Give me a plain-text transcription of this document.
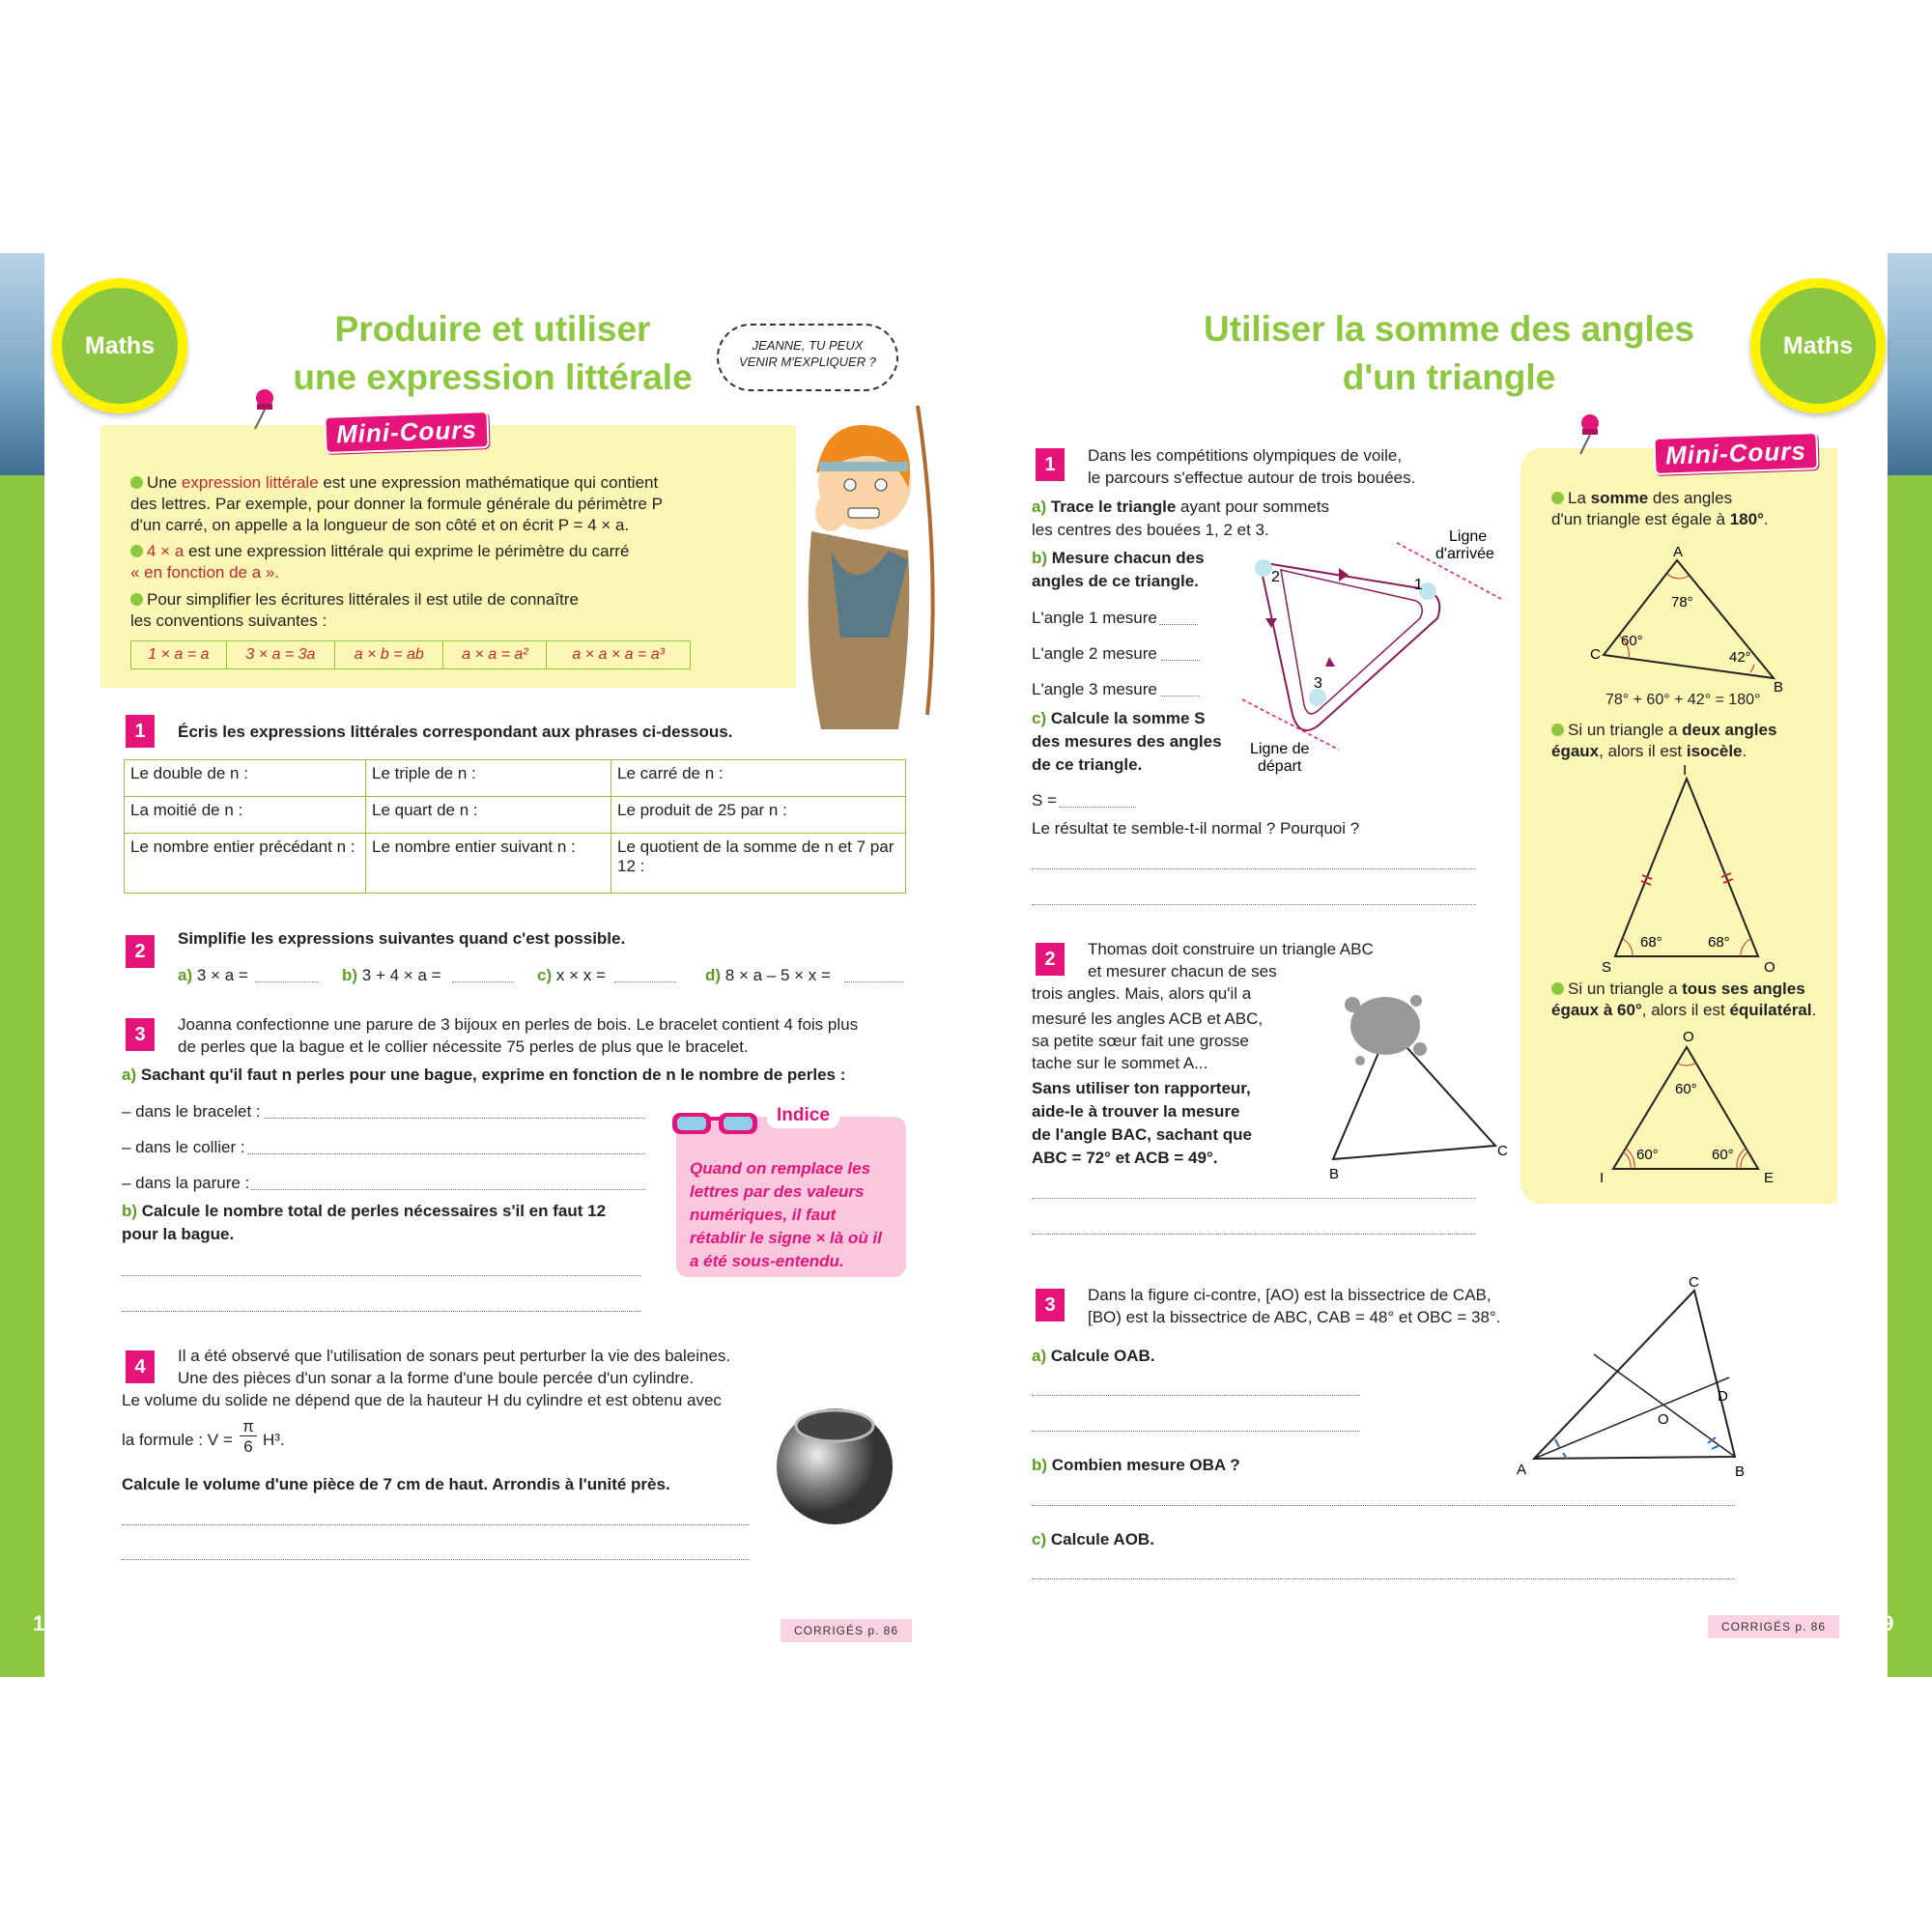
18	19
Maths	Produire et utiliser
une expression littérale
Mini-Cours
JEANNE, TU PEUX VENIR M'EXPLIQUER ?
Une expression littérale est une expression mathématique qui contient
des lettres. Par exemple, pour donner la formule générale du périmètre P
d'un carré, on appelle a la longueur de son côté et on écrit P = 4 × a.
4 × a est une expression littérale qui exprime le périmètre du carré
« en fonction de a ».
Pour simplifier les écritures littérales il est utile de connaître
les conventions suivantes :
1 × a = a	3 × a = 3a	a × b = ab	a × a = a²	a × a × a = a³
1	Écris les expressions littérales correspondant aux phrases ci-dessous.
Le double de n :	Le triple de n :	Le carré de n :
La moitié de n :	Le quart de n :	Le produit de 25 par n :
Le nombre entier précédant n :	Le nombre entier suivant n :	Le quotient de la somme de n et 7 par 12 :
2
Simplifie les expressions suivantes quand c'est possible.
a) 3 × a =	b) 3 + 4 × a =	c) x × x =	d) 8 × a – 5 × x =
3	Joanna confectionne une parure de 3 bijoux en perles de bois. Le bracelet contient 4 fois plus
de perles que la bague et le collier nécessite 75 perles de plus que le bracelet.
a) Sachant qu'il faut n perles pour une bague, exprime en fonction de n le nombre de perles :
– dans le bracelet :
– dans le collier :
– dans la parure :
b) Calcule le nombre total de perles nécessaires s'il en faut 12
pour la bague.
Quand on remplace les lettres par des valeurs numériques, il faut rétablir le signe × là où il a été sous-entendu.
Indice
4
Il a été observé que l'utilisation de sonars peut perturber la vie des baleines.
Une des pièces d'un sonar a la forme d'une boule percée d'un cylindre.
Le volume du solide ne dépend que de la hauteur H du cylindre et est obtenu avec
la formule : V =
π
6 H³.
Calcule le volume d'une pièce de 7 cm de haut. Arrondis à l'unité près.
CORRIGÉS p. 86
Maths
Utiliser la somme des angles
d'un triangle
Mini-Cours
La somme des angles
d'un triangle est égale à 180°.
A
C
B
78°
60°
42°
78° + 60° + 42° = 180°
Si un triangle a deux angles
égaux, alors il est isocèle.
I
S	O
68°	68°
Si un triangle a tous ses angles
égaux à 60°, alors il est équilatéral.
O
I	E
60°
60°	60°
1	Dans les compétitions olympiques de voile,
le parcours s'effectue autour de trois bouées.
a) Trace le triangle ayant pour sommets
les centres des bouées 1, 2 et 3.
b) Mesure chacun des
angles de ce triangle.
L'angle 1 mesure
L'angle 2 mesure
L'angle 3 mesure
c) Calcule la somme S
des mesures des angles
de ce triangle.
S =
Le résultat te semble-t-il normal ? Pourquoi ?
2	1
3
Ligne
d'arrivée
Ligne de
départ
2	Thomas doit construire un triangle ABC
et mesurer chacun de ses
trois angles. Mais, alors qu'il a
mesuré les angles ACB et ABC,
sa petite sœur fait une grosse
tache sur le sommet A...
Sans utiliser ton rapporteur,
aide-le à trouver la mesure
de l'angle BAC, sachant que
ABC = 72° et ACB = 49°.
B
C
3	Dans la figure ci-contre, [AO) est la bissectrice de CAB,
[BO) est la bissectrice de ABC, CAB = 48° et OBC = 38°.
a) Calcule OAB.
b) Combien mesure OBA ?
c) Calcule AOB.
C
A	B
D
O
CORRIGÉS p. 86
